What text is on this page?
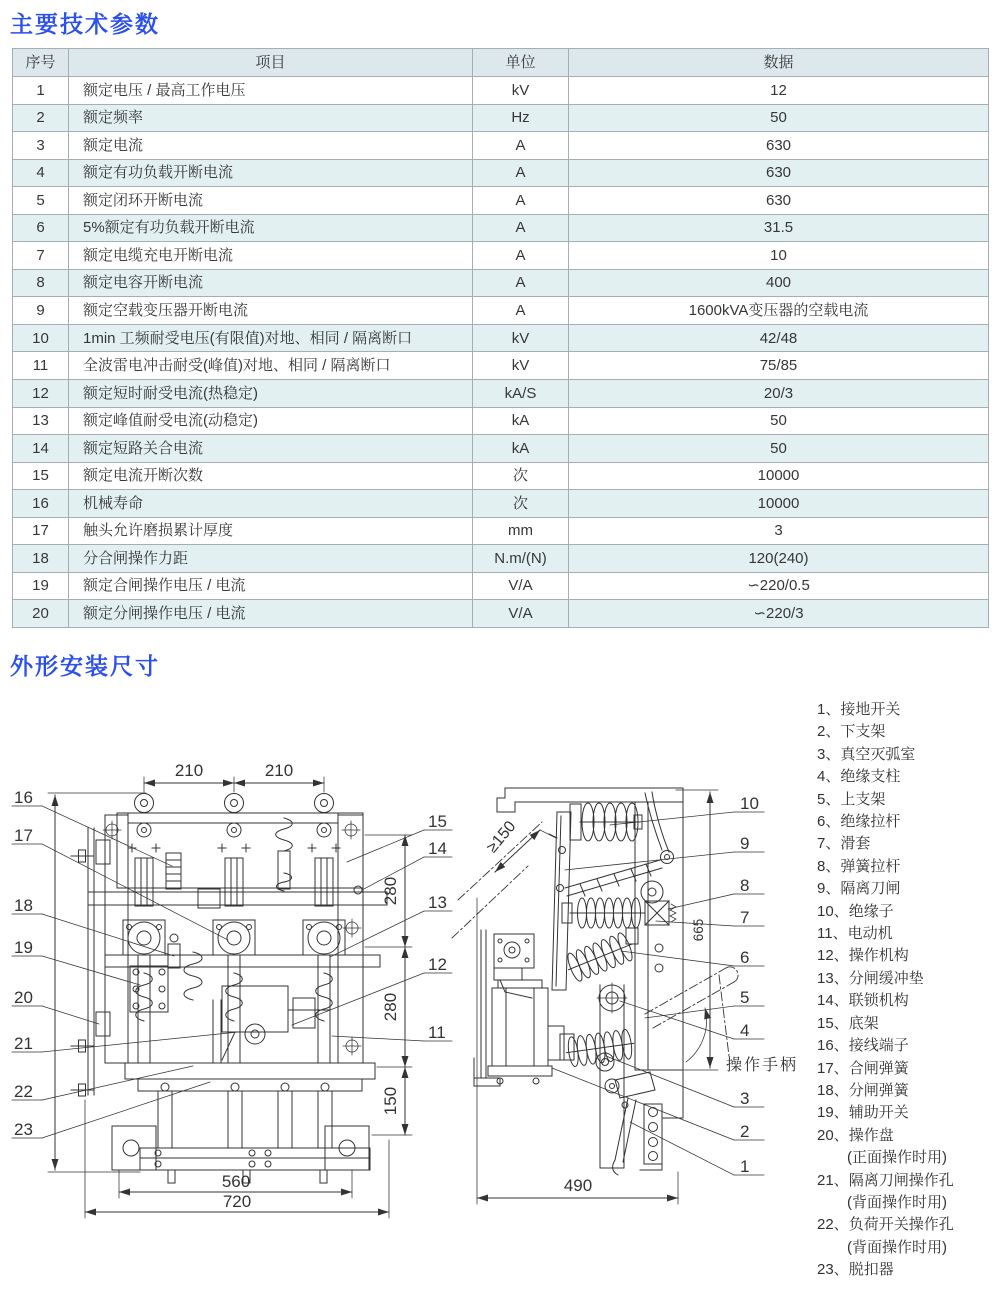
主要技术参数
序号	项目	单位	数据
1	额定电压 / 最高工作电压	kV	12
2	额定频率	Hz	50
3	额定电流	A	630
4	额定有功负载开断电流	A	630
5	额定闭环开断电流	A	630
6	5%额定有功负载开断电流	A	31.5
7	额定电缆充电开断电流	A	10
8	额定电容开断电流	A	400
9	额定空载变压器开断电流	A	1600kVA变压器的空载电流
10	1min 工频耐受电压(有限值)对地、相同 / 隔离断口	kV	42/48
11	全波雷电冲击耐受(峰值)对地、相同 / 隔离断口	kV	75/85
12	额定短时耐受电流(热稳定)	kA/S	20/3
13	额定峰值耐受电流(动稳定)	kA	50
14	额定短路关合电流	kA	50
15	额定电流开断次数	次	10000
16	机械寿命	次	10000
17	触头允许磨损累计厚度	mm	3
18	分合闸操作力距	N.m/(N)	120(240)
19	额定合闸操作电压 / 电流	V/A	∽220/0.5
20	额定分闸操作电压 / 电流	V/A	∽220/3
外形安装尺寸
1、接地开关
2、下支架
3、真空灭弧室
4、绝缘支柱
5、上支架
6、绝缘拉杆
7、滑套
8、弹簧拉杆
9、隔离刀闸
10、绝缘子
11、电动机
12、操作机构
13、分闸缓冲垫
14、联锁机构
15、底架
16、接线端子
17、合闸弹簧
18、分闸弹簧
19、辅助开关
20、操作盘
(正面操作时用)
21、隔离刀闸操作孔
(背面操作时用)
22、负荷开关操作孔
(背面操作时用)
23、脱扣器
210	210
280
280
150
560
720
16
17
18
19
20
21
22
23
15
14
13
12
11
≥150
665
490
10
9
8
7
6
5
4
3
2
1
操作手柄
